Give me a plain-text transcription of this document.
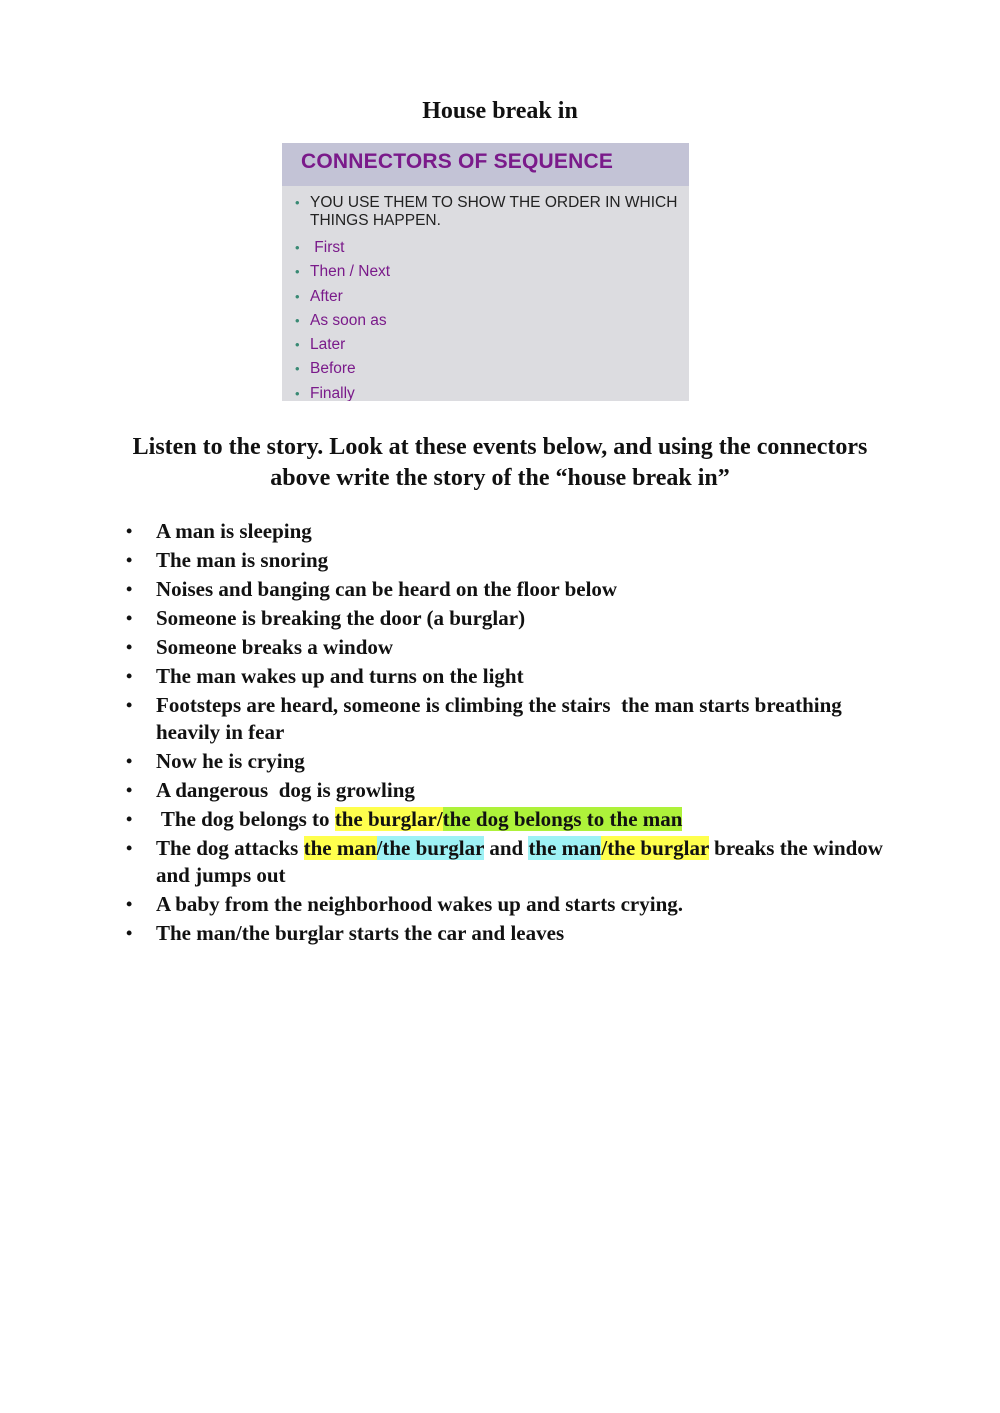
House break in
CONNECTORS OF SEQUENCE
• YOU USE THEM TO SHOW THE ORDER IN WHICH THINGS HAPPEN.
• First
• Then / Next
• After
• As soon as
• Later
• Before
• Finally
Listen to the story. Look at these events below, and using the connectors above write the story of the “house break in”
• A man is sleeping
• The man is snoring
• Noises and banging can be heard on the floor below
• Someone is breaking the door (a burglar)
• Someone breaks a window
• The man wakes up and turns on the light
• Footsteps are heard, someone is climbing the stairs  the man starts breathing heavily in fear
• Now he is crying
• A dangerous  dog is growling
• The dog belongs to the burglar/the dog belongs to the man
• The dog attacks the man/the burglar and the man/the burglar breaks the window and jumps out
• A baby from the neighborhood wakes up and starts crying.
• The man/the burglar starts the car and leaves
